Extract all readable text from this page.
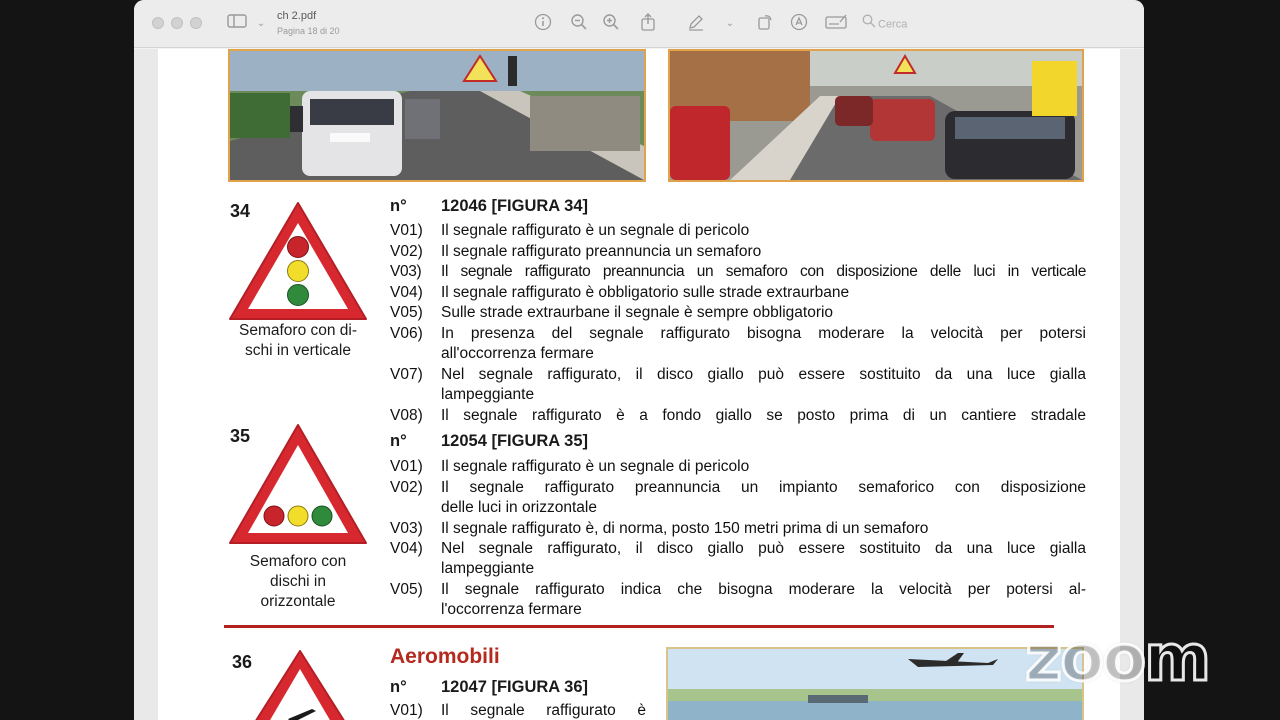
⌄
ch 2.pdf
Pagina 18 di 20
⌄	Cerca
34
Semaforo con di-
schi in verticale
n° 12046 [FIGURA 34]
V01) Il segnale raffigurato è un segnale di pericolo
V02) Il segnale raffigurato preannuncia un semaforo
V03) Il segnale raffigurato preannuncia un semaforo con disposizione delle luci in verticale
V04) Il segnale raffigurato è obbligatorio sulle strade extraurbane
V05) Sulle strade extraurbane il segnale è sempre obbligatorio
V06) In presenza del segnale raffigurato bisogna moderare la velocità per potersi
all'occorrenza fermare
V07) Nel segnale raffigurato, il disco giallo può essere sostituito da una luce gialla
lampeggiante
V08) Il segnale raffigurato è a fondo giallo se posto prima di un cantiere stradale
35
Semaforo con
dischi in
orizzontale
n° 12054 [FIGURA 35]
V01) Il segnale raffigurato è un segnale di pericolo
V02) Il segnale raffigurato preannuncia un impianto semaforico con disposizione
delle luci in orizzontale
V03) Il segnale raffigurato è, di norma, posto 150 metri prima di un semaforo
V04) Nel segnale raffigurato, il disco giallo può essere sostituito da una luce gialla
lampeggiante
V05) Il segnale raffigurato indica che bisogna moderare la velocità per potersi al-
l'occorrenza fermare
36	Aeromobili
n° 12047 [FIGURA 36]
V01) Il segnale raffigurato è
zoom
